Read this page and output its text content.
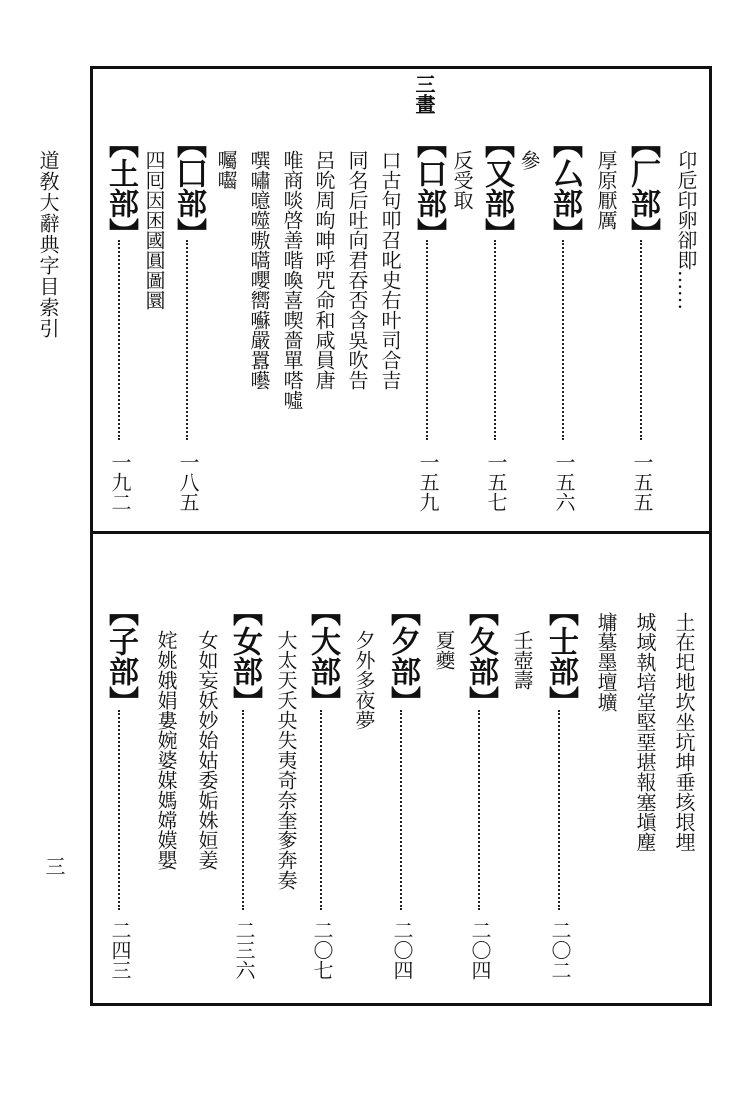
道敎大辭典字目索引
三
卬卮印卵卻即……
【厂部】
一五五
厚原厭厲
【厶部】
一五六
參
【又部】
一五七
反受取
三畫
【口部】
一五九
口古句叩召叱史右叶司合吉
同名后吐向君吞否含吳吹告
呂吮周呴呻呼咒命和咸員唐
唯商啖啓善喈喚喜喫嗇單嗒噓
噀嘯噫噬嗷嚆嚶嚮囌嚴囂囈
囑囓
【囗部】
一八五
四囘因困國圓圖圜
【土部】
一九二
土在圯地坎坐坑坤垂垓垠埋
城域執培堂堅堊堪報塞塡塵
墉墓墨壇壙
【士部】
二〇二
壬壺壽
【夂部】
二〇四
夏夔
【夕部】
二〇四
夕外多夜夢
【大部】
二〇七
大太天夭央失夷奇奈奎奓奔奏
【女部】
二三六
女如妄妖妙始姑委姤姝姮姜
姹姚娥娟婁婉婆媒媽嫦嫫嬰
【子部】
二四三
